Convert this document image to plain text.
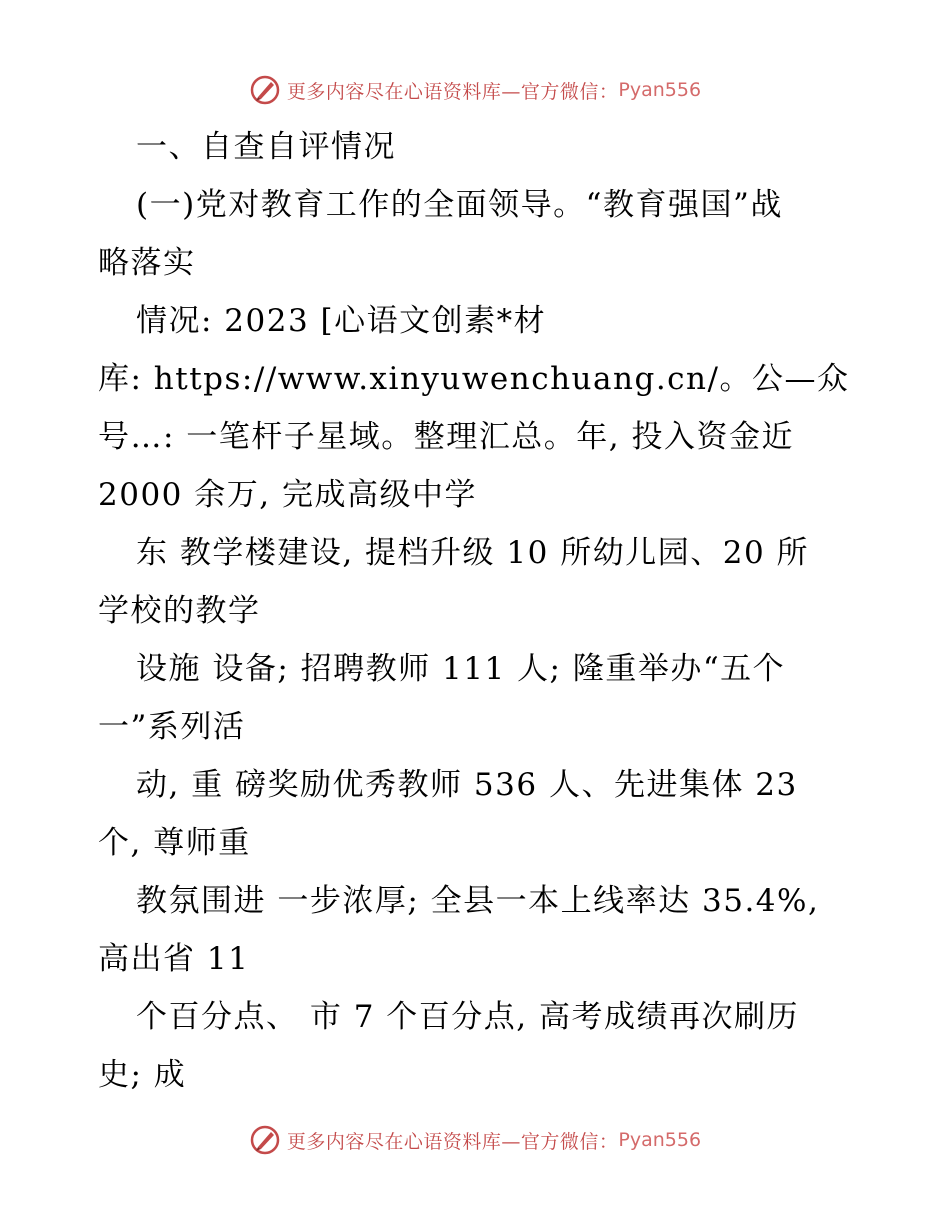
更多内容尽在心语资料库—官方微信： Pyan556
一、自查自评情况
(一)党对教育工作的全面领导。“教育强国”战
略落实
情况: 2023 [心语文创素*材
库: https://www.xinyuwenchuang.cn/。公—众
号…: 一笔杆子星域。整理汇总。年, 投入资金近
2000 余万, 完成高级中学
东 教学楼建设, 提档升级 10 所幼儿园、20 所
学校的教学
设施 设备; 招聘教师 111 人; 隆重举办“五个
一”系列活
动, 重 磅奖励优秀教师 536 人、先进集体 23
个, 尊师重
教氛围进 一步浓厚; 全县一本上线率达 35.4%,
高出省 11
个百分点、 市 7 个百分点, 高考成绩再次刷历
史; 成
更多内容尽在心语资料库—官方微信： Pyan556
